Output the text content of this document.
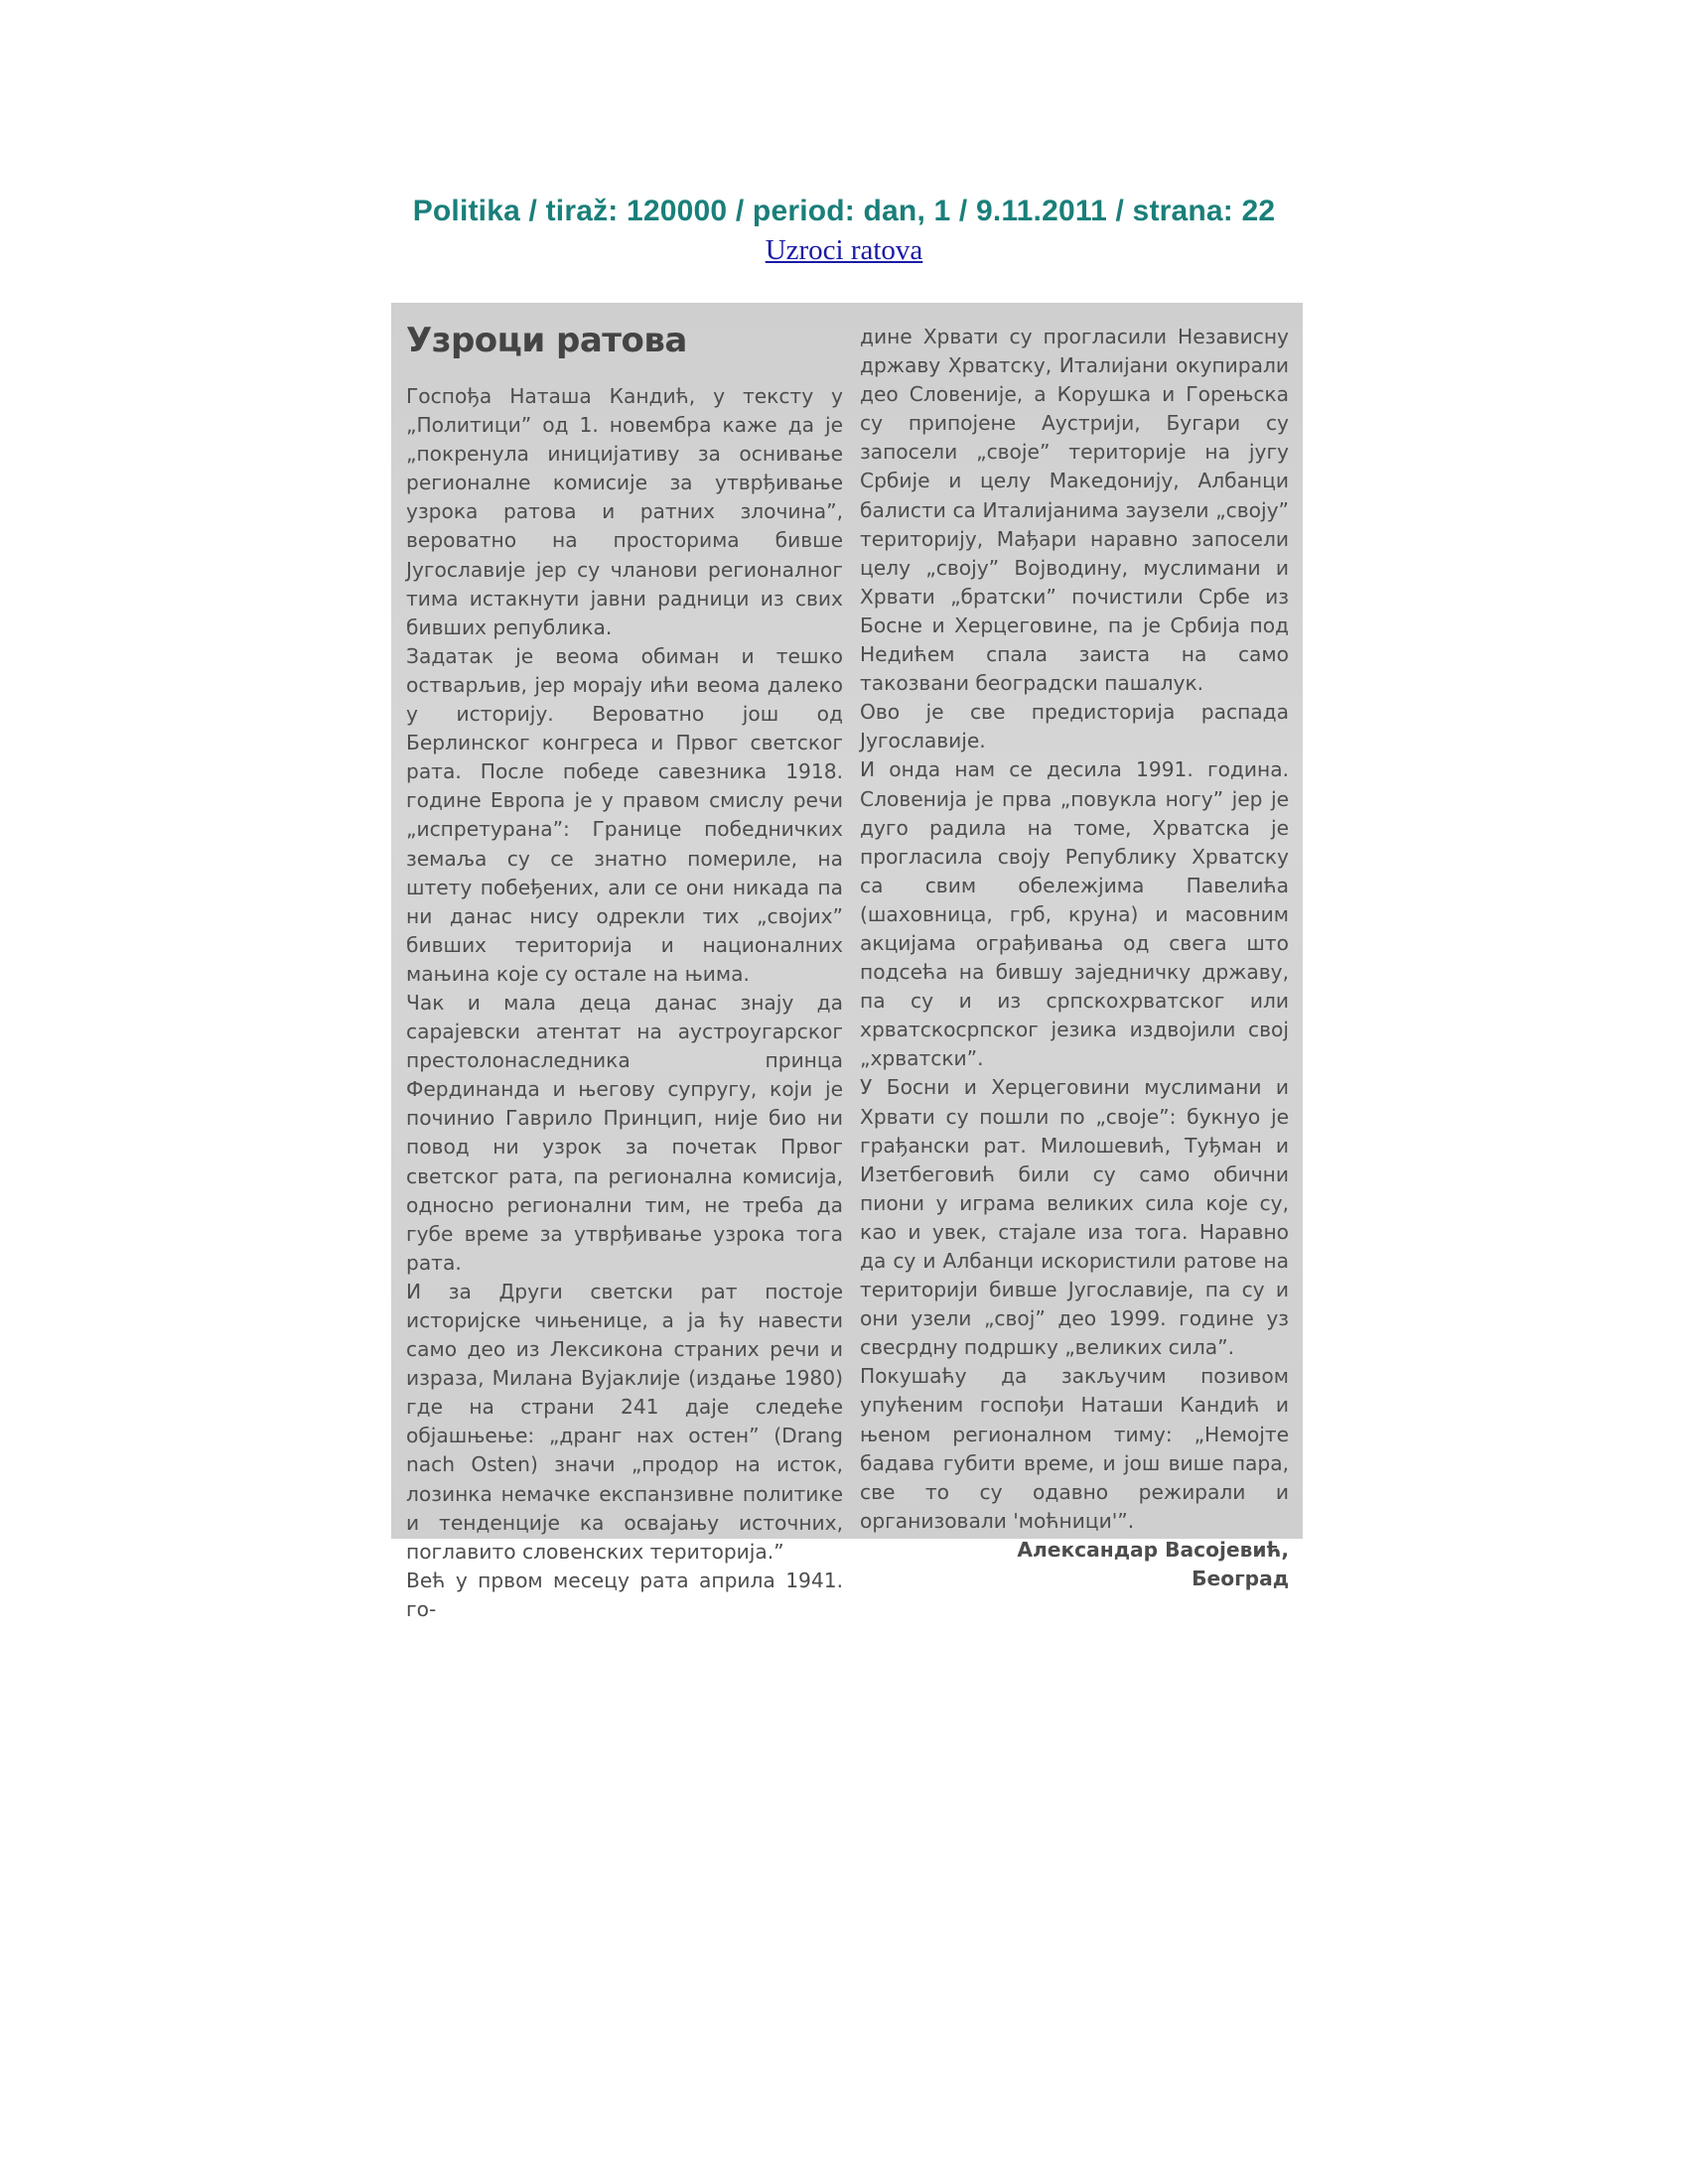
Politika / tiraž: 120000 / period: dan, 1 / 9.11.2011 / strana: 22
Uzroci ratova
Узроци ратова

Госпођа Наташа Кандић, у тексту у „Политици” од 1. новембра каже да је „покренула иницијативу за оснивање регионалне комисије за утврђивање узрока ратова и ратних злочина”, вероватно на просторима бивше Југославије јер су чланови регионалног тима истакнути јавни радници из свих бивших република.

Задатак је веома обиман и тешко остварљив, јер морају ићи веома далеко у историју. Вероватно још од Берлинског конгреса и Првог светског рата. После победе савезника 1918. године Европа је у правом смислу речи „испретурана”: Границе победничких земаља су се знатно помериле, на штету побеђених, али се они никада па ни данас нису одрекли тих „својих” бивших територија и националних мањина које су остале на њима.

Чак и мала деца данас знају да сарајевски атентат на аустроугарског престолонаследника принца Фердинанда и његову супругу, који је починио Гаврило Принцип, није био ни повод ни узрок за почетак Првог светског рата, па регионална комисија, односно регионални тим, не треба да губе време за утврђивање узрока тога рата.

И за Други светски рат постоје историјске чињенице, а ја ћу навести само део из Лексикона страних речи и израза, Милана Вујаклије (издање 1980) где на страни 241 даје следеће објашњење: „дранг нах остен” (Drang nach Osten) значи „продор на исток, лозинка немачке експанзивне политике и тенденције ка освајању источних, поглавито словенских територија.”

Већ у првом месецу рата априла 1941. го-

дине Хрвати су прогласили Независну државу Хрватску, Италијани окупирали део Словеније, а Корушка и Горењска су припојене Аустрији, Бугари су запосели „своје” територије на југу Србије и целу Македонију, Албанци балисти са Италијанима заузели „своју” територију, Мађари наравно запосели целу „своју” Војводину, муслимани и Хрвати „братски” почистили Србе из Босне и Херцеговине, па је Србија под Недићем спала заиста на само такозвани београдски пашалук.

Ово је све предисторија распада Југославије.

И онда нам се десила 1991. година. Словенија је прва „повукла ногу” јер је дуго радила на томе, Хрватска је прогласила своју Републику Хрватску са свим обележјима Павелића (шаховница, грб, круна) и масовним акцијама ограђивања од свега што подсећа на бившу заједничку државу, па су и из српскохрватског или хрватскосрпског језика издвојили свој „хрватски”.

У Босни и Херцеговини муслимани и Хрвати су пошли по „своје”: букнуо је грађански рат. Милошевић, Туђман и Изетбеговић били су само обични пиони у играма великих сила које су, као и увек, стајале иза тога. Наравно да су и Албанци искористили ратове на територији бивше Југославије, па су и они узели „свој” део 1999. године уз свесрдну подршку „великих сила”.

Покушаћу да закључим позивом упућеним госпођи Наташи Кандић и њеном регионалном тиму: „Немојте бадава губити време, и још више пара, све то су одавно режирали и организовали 'моћници'”.

Александар Васојевић,

Београд
